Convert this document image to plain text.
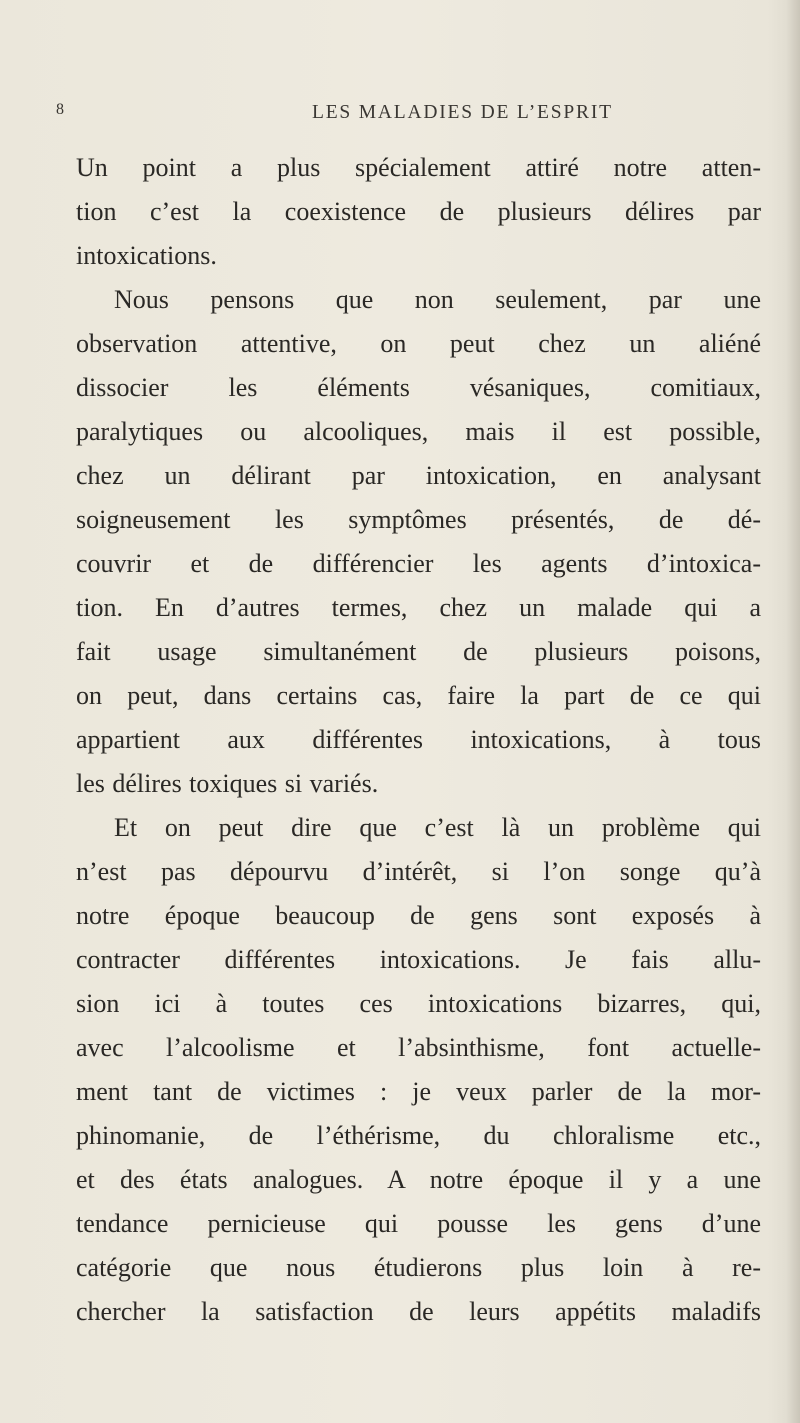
8	LES MALADIES DE L’ESPRIT
Un point a plus spécialement attiré notre atten-
tion c’est la coexistence de plusieurs délires par
intoxications.
Nous pensons que non seulement, par une
observation attentive, on peut chez un aliéné
dissocier les éléments vésaniques, comitiaux,
paralytiques ou alcooliques, mais il est possible,
chez un délirant par intoxication, en analysant
soigneusement les symptômes présentés, de dé-
couvrir et de différencier les agents d’intoxica-
tion. En d’autres termes, chez un malade qui a
fait usage simultanément de plusieurs poisons,
on peut, dans certains cas, faire la part de ce qui
appartient aux différentes intoxications, à tous
les délires toxiques si variés.
Et on peut dire que c’est là un problème qui
n’est pas dépourvu d’intérêt, si l’on songe qu’à
notre époque beaucoup de gens sont exposés à
contracter différentes intoxications. Je fais allu-
sion ici à toutes ces intoxications bizarres, qui,
avec l’alcoolisme et l’absinthisme, font actuelle-
ment tant de victimes : je veux parler de la mor-
phinomanie, de l’éthérisme, du chloralisme etc.,
et des états analogues. A notre époque il y a une
tendance pernicieuse qui pousse les gens d’une
catégorie que nous étudierons plus loin à re-
chercher la satisfaction de leurs appétits maladifs
